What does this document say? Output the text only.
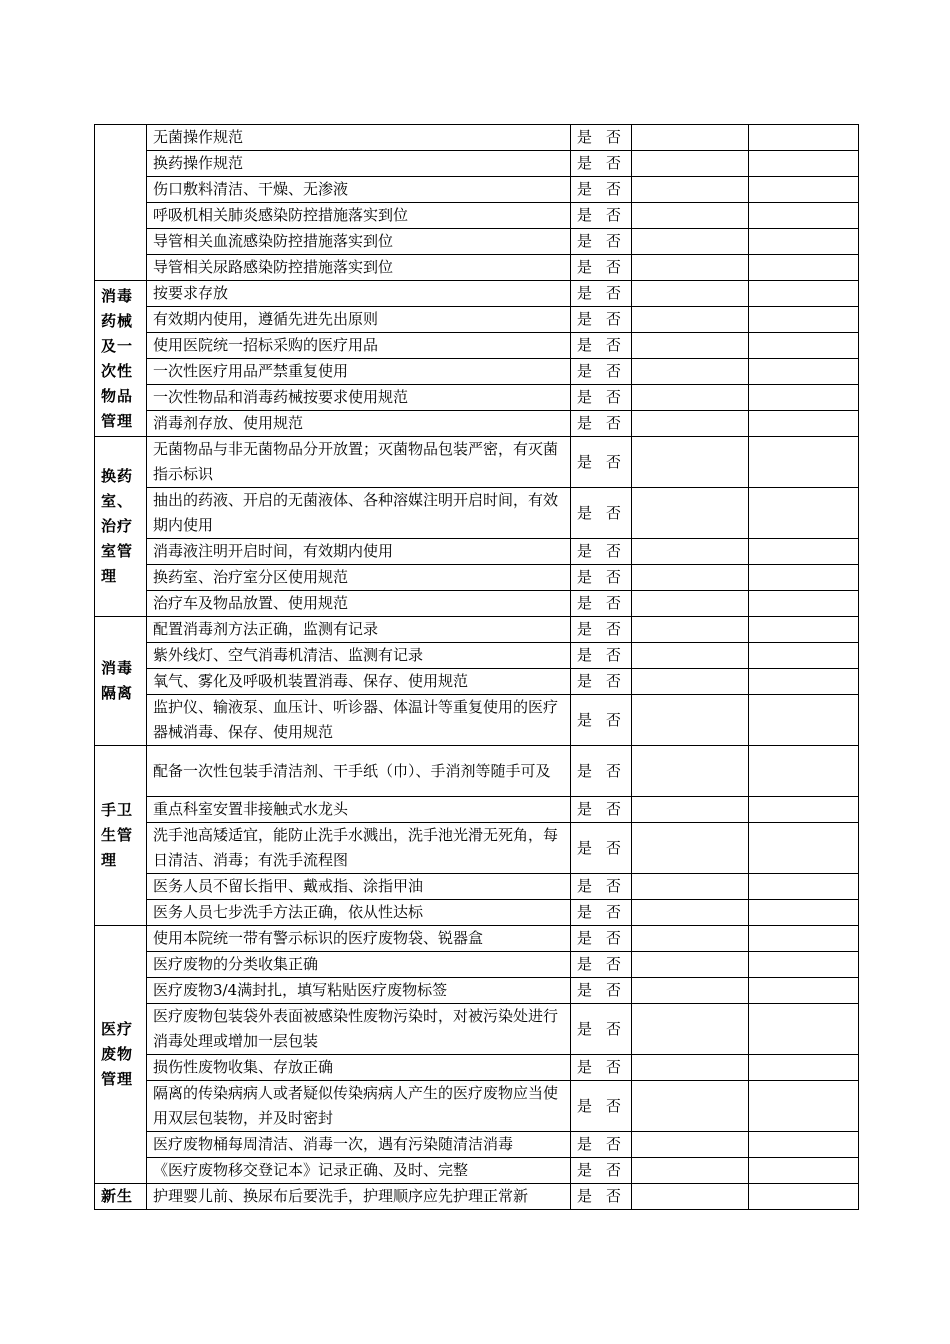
	无菌操作规范	是 否		
	换药操作规范	是 否		
	伤口敷料清洁、干燥、无渗液	是 否		
	呼吸机相关肺炎感染防控措施落实到位	是 否		
	导管相关血流感染防控措施落实到位	是 否		
	导管相关尿路感染防控措施落实到位	是 否		
消毒药械及一次性物品管理	按要求存放	是 否		
	有效期内使用，遵循先进先出原则	是 否		
	使用医院统一招标采购的医疗用品	是 否		
	一次性医疗用品严禁重复使用	是 否		
	一次性物品和消毒药械按要求使用规范	是 否		
	消毒剂存放、使用规范	是 否		
换药室、治疗室管理	无菌物品与非无菌物品分开放置；灭菌物品包装严密，有灭菌指示标识	是 否		
	抽出的药液、开启的无菌液体、各种溶媒注明开启时间，有效期内使用	是 否		
	消毒液注明开启时间，有效期内使用	是 否		
	换药室、治疗室分区使用规范	是 否		
	治疗车及物品放置、使用规范	是 否		
消毒隔离	配置消毒剂方法正确，监测有记录	是 否		
	紫外线灯、空气消毒机清洁、监测有记录	是 否		
	氧气、雾化及呼吸机装置消毒、保存、使用规范	是 否		
	监护仪、输液泵、血压计、听诊器、体温计等重复使用的医疗器械消毒、保存、使用规范	是 否		
手卫生管理	配备一次性包装手清洁剂、干手纸（巾）、手消剂等随手可及	是 否		
	重点科室安置非接触式水龙头	是 否		
	洗手池高矮适宜，能防止洗手水溅出，洗手池光滑无死角，每日清洁、消毒；有洗手流程图	是 否		
	医务人员不留长指甲、戴戒指、涂指甲油	是 否		
	医务人员七步洗手方法正确，依从性达标	是 否		
医疗废物管理	使用本院统一带有警示标识的医疗废物袋、锐器盒	是 否		
	医疗废物的分类收集正确	是 否		
	医疗废物3/4满封扎，填写粘贴医疗废物标签	是 否		
	医疗废物包装袋外表面被感染性废物污染时，对被污染处进行消毒处理或增加一层包装	是 否		
	损伤性废物收集、存放正确	是 否		
	隔离的传染病病人或者疑似传染病病人产生的医疗废物应当使用双层包装物，并及时密封	是 否		
	医疗废物桶每周清洁、消毒一次，遇有污染随清洁消毒	是 否		
	《医疗废物移交登记本》记录正确、及时、完整	是 否		
新生	护理婴儿前、换尿布后要洗手，护理顺序应先护理正常新	是 否		
